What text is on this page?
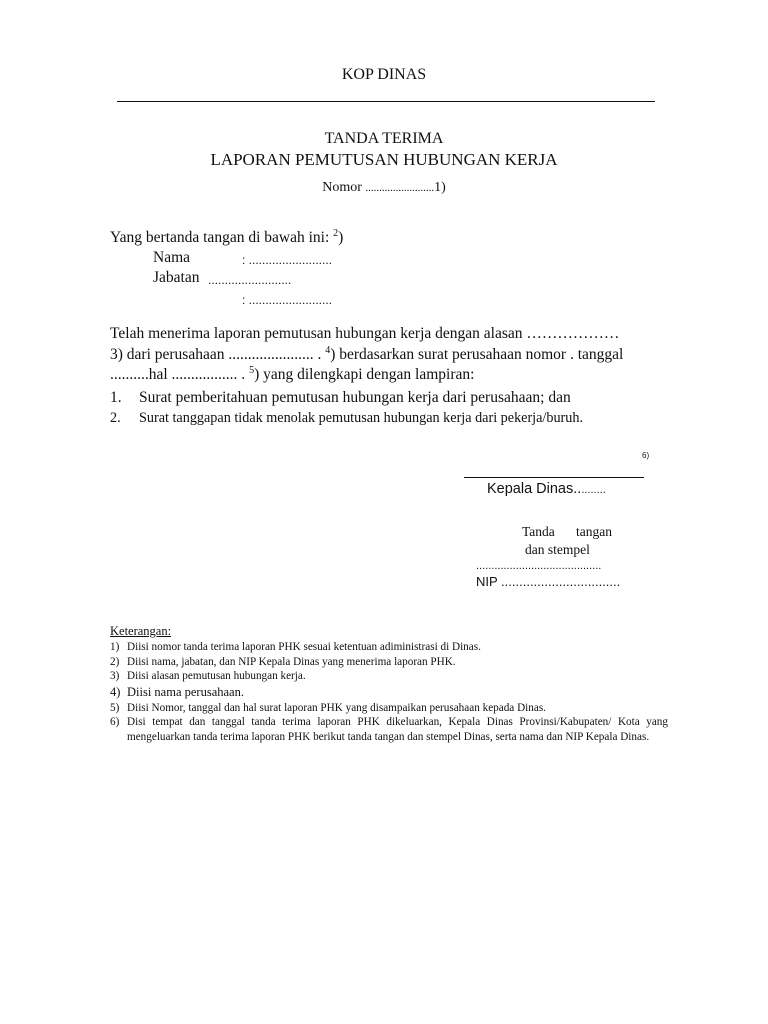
KOP DINAS
TANDA TERIMA
LAPORAN PEMUTUSAN HUBUNGAN KERJA
Nomor .........................1)
Yang bertanda tangan di bawah ini: $^2$)
Nama	: .........................
Jabatan .........................
: .........................
Telah menerima laporan pemutusan hubungan kerja dengan alasan ………………
3) dari perusahaan ...................... . $^4$) berdasarkan surat perusahaan nomor . tanggal
..........hal ................. . $^5$) yang dilengkapi dengan lampiran:
1.	Surat pemberitahuan pemutusan hubungan kerja dari perusahaan; dan
2.	Surat tanggapan tidak menolak pemutusan hubungan kerja dari pekerja/buruh.
6)
Kepala Dinas..........
Tanda tangan
dan stempel
.........................................
NIP .................................
Keterangan:
1) Diisi nomor tanda terima laporan PHK sesuai ketentuan adiministrasi di Dinas.
2) Diisi nama, jabatan, dan NIP Kepala Dinas yang menerima laporan PHK.
3) Diisi alasan pemutusan hubungan kerja.
4) Diisi nama perusahaan.
5) Diisi Nomor, tanggal dan hal surat laporan PHK yang disampaikan perusahaan kepada Dinas.
6) Disi tempat dan tanggal tanda terima laporan PHK dikeluarkan, Kepala Dinas Provinsi/Kabupaten/ Kota yang mengeluarkan tanda terima laporan PHK berikut tanda tangan dan stempel Dinas, serta nama dan NIP Kepala Dinas.
